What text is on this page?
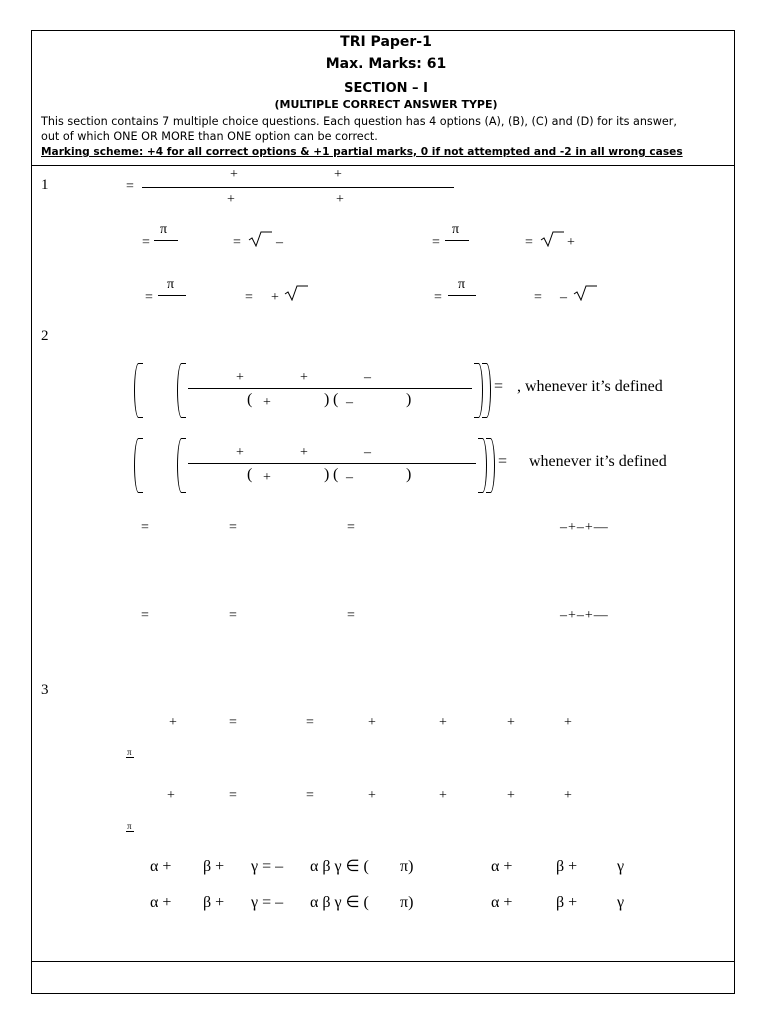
TRI Paper-1
Max. Marks: 61
SECTION – I
(MULTIPLE CORRECT ANSWER TYPE)
This section contains 7 multiple choice questions. Each question has 4 options (A), (B), (C) and (D) for its answer,
out of which ONE OR MORE than ONE option can be correct.
Marking scheme: +4 for all correct options & +1 partial marks, 0 if not attempted and -2 in all wrong cases
1	=
+	+
+	+
=
π
=	–	=
π
= +
=
π
= +	=
π
= –
2
+	+	–
( +	) ( –	)
= , whenever it’s defined
+	+	–
( +	) ( –	)
= whenever it’s defined
=	=	=	–+–+—
=	=	=	–+–+—
3
+	=	=	+	+	+	+
π
+	=	=	+	+	+	+
π
α + β + γ = – α β γ ∈ ( π)	α +	β + γ
α + β + γ = – α β γ ∈ ( π)	α +	β + γ
